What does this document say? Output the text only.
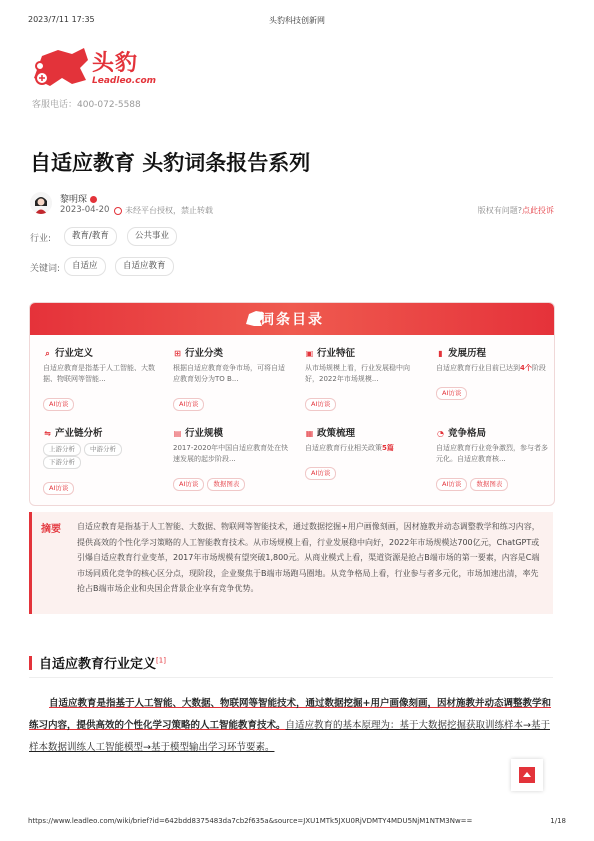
2023/7/11 17:35	头豹科技创新网
头豹
Leadleo.com
客服电话：400-072-5588
自适应教育 头豹词条报告系列
黎明琛
2023-04-20	未经平台授权，禁止转载	版权有问题?点此投诉
行业:	教育/教育	公共事业
关键词:	自适应	自适应教育
词条目录
⌕ 行业定义
自适应教育是指基于人工智能、大数据、物联网等智能...
AI访谈
⊞ 行业分类
根据自适应教育竞争市场，可将自适应教育划分为TO B...
AI访谈
▣ 行业特征
从市场规模上看，行业发展稳中向好，2022年市场规模...
AI访谈
▮ 发展历程
自适应教育行业目前已达到4个阶段
AI访谈
⇋ 产业链分析
上游分析 中游分析下游分析
AI访谈
▤ 行业规模
2017-2020年中国自适应教育处在快速发展的起步阶段...
AI访谈 数据图表
▦ 政策梳理
自适应教育行业相关政策5篇
AI访谈
◔ 竞争格局
自适应教育行业竞争激烈，参与者多元化。自适应教育核...
AI访谈 数据图表
摘要 自适应教育是指基于人工智能、大数据、物联网等智能技术，通过数据挖掘+用户画像刻画，因材施教并动态调整教学和练习内容，提供高效的个性化学习策略的人工智能教育技术。从市场规模上看，行业发展稳中向好，2022年市场规模达700亿元，ChatGPT或引爆自适应教育行业变革，2017年市场规模有望突破1,800元。从商业模式上看，渠道资源是抢占B端市场的第一要素，内容是C端市场同质化竞争的核心区分点，现阶段，企业聚焦于B端市场跑马圈地。从竞争格局上看，行业参与者多元化，市场加速出清，率先抢占B端市场企业和央国企背景企业享有竞争优势。
自适应教育行业定义[1]
自适应教育是指基于人工智能、大数据、物联网等智能技术，通过数据挖掘+用户画像刻画，因材施教并动态调整教学和练习内容，提供高效的个性化学习策略的人工智能教育技术。自适应教育的基本原理为：基于大数据挖掘获取训练样本→基于样本数据训练人工智能模型→基于模型输出学习环节要素。
https://www.leadleo.com/wiki/brief?id=642bdd8375483da7cb2f635a&source=JXU1MTk5JXU0RjVDMTY4MDU5NjM1NTM3Nw==	1/18
